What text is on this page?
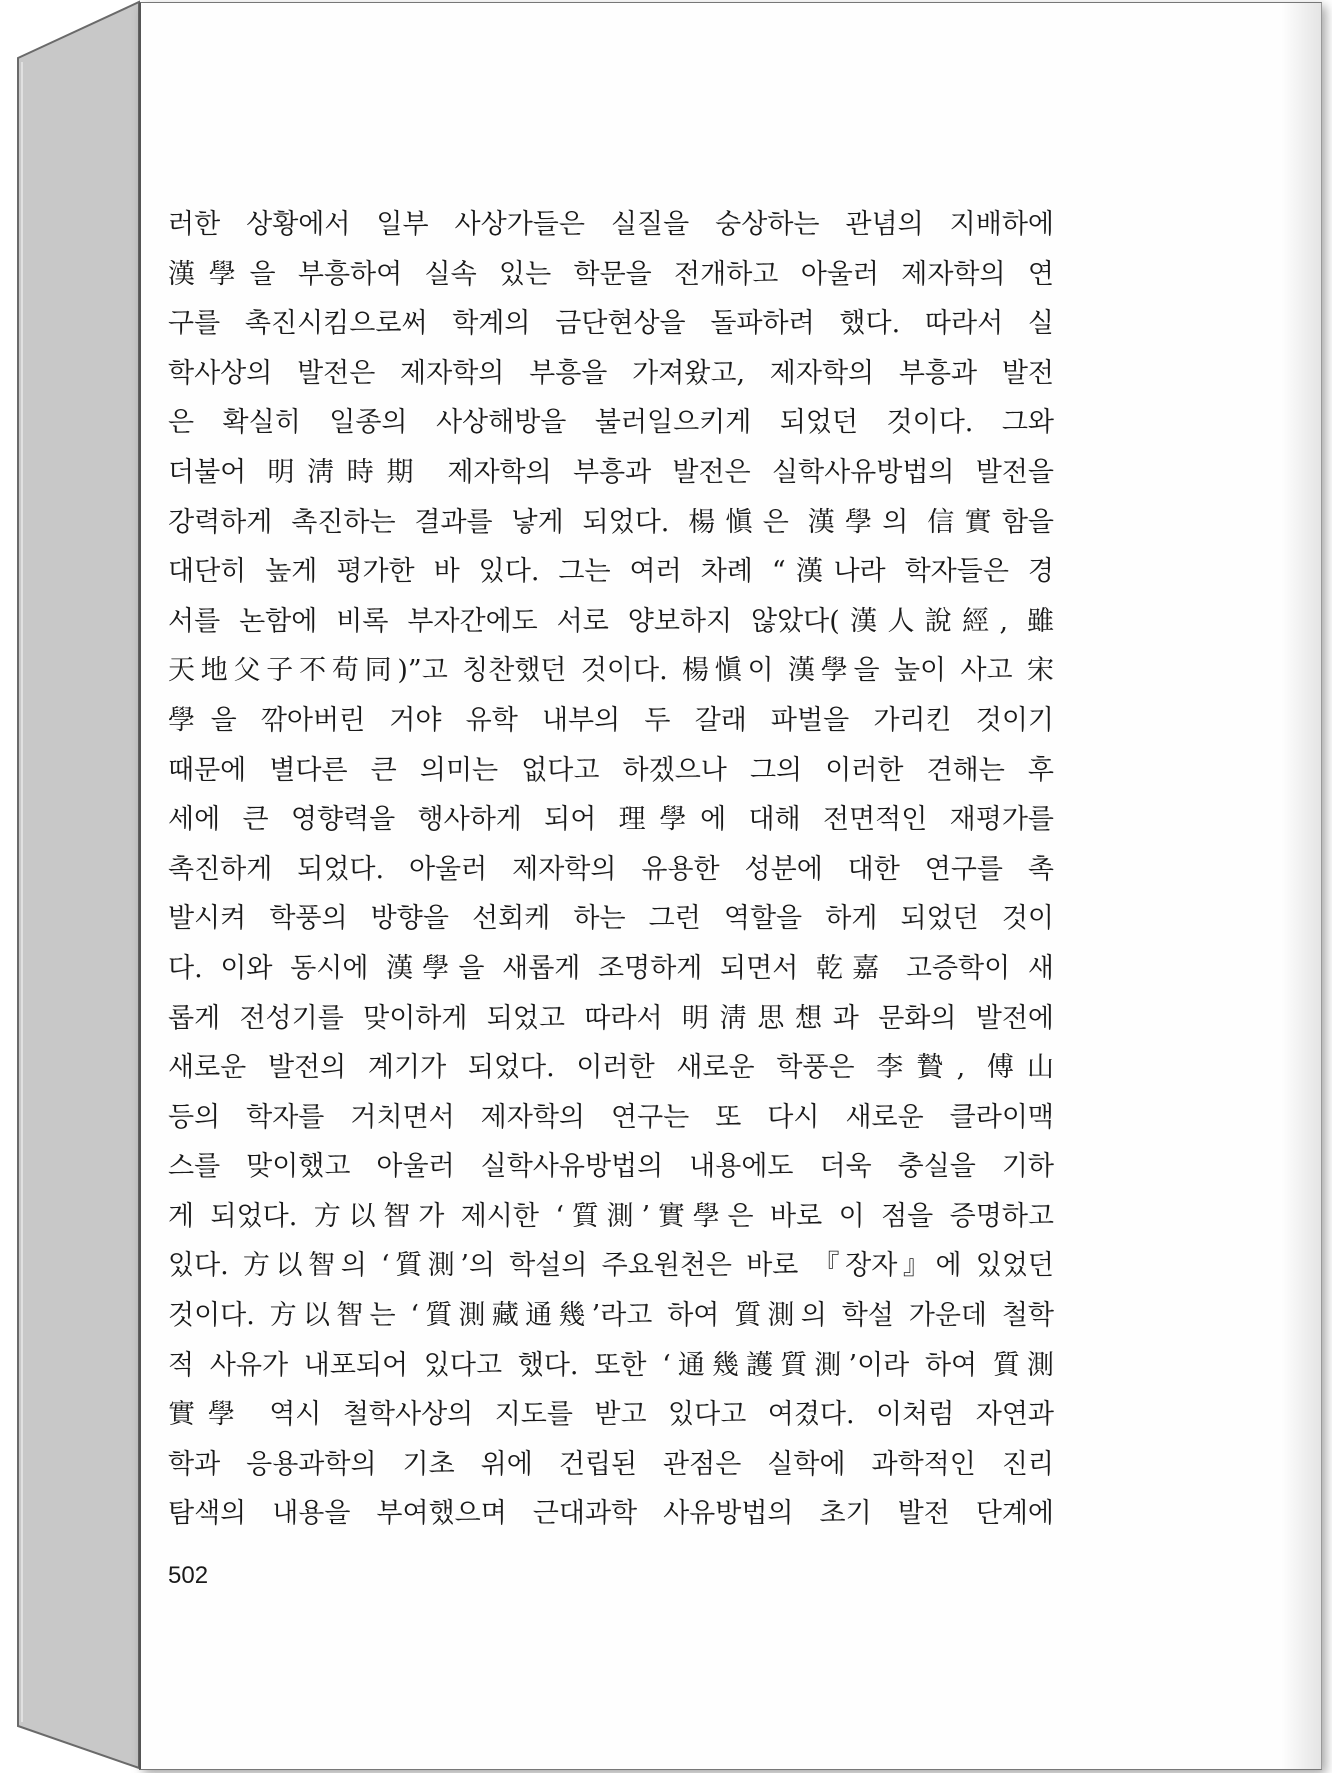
러한 상황에서 일부 사상가들은 실질을 숭상하는 관념의 지배하에
漢學을 부흥하여 실속 있는 학문을 전개하고 아울러 제자학의 연
구를 촉진시킴으로써 학계의 금단현상을 돌파하려 했다. 따라서 실
학사상의 발전은 제자학의 부흥을 가져왔고, 제자학의 부흥과 발전
은 확실히 일종의 사상해방을 불러일으키게 되었던 것이다. 그와
더불어 明淸時期 제자학의 부흥과 발전은 실학사유방법의 발전을
강력하게 촉진하는 결과를 낳게 되었다. 楊愼은 漢學의 信實함을
대단히 높게 평가한 바 있다. 그는 여러 차례 “漢나라 학자들은 경
서를 논함에 비록 부자간에도 서로 양보하지 않았다(漢人說經, 雖
天地父子不苟同)”고 칭찬했던 것이다. 楊愼이 漢學을 높이 사고 宋
學을 깎아버린 거야 유학 내부의 두 갈래 파벌을 가리킨 것이기
때문에 별다른 큰 의미는 없다고 하겠으나 그의 이러한 견해는 후
세에 큰 영향력을 행사하게 되어 理學에 대해 전면적인 재평가를
촉진하게 되었다. 아울러 제자학의 유용한 성분에 대한 연구를 촉
발시켜 학풍의 방향을 선회케 하는 그런 역할을 하게 되었던 것이
다. 이와 동시에 漢學을 새롭게 조명하게 되면서 乾嘉 고증학이 새
롭게 전성기를 맞이하게 되었고 따라서 明淸思想과 문화의 발전에
새로운 발전의 계기가 되었다. 이러한 새로운 학풍은 李贄, 傅山
등의 학자를 거치면서 제자학의 연구는 또 다시 새로운 클라이맥
스를 맞이했고 아울러 실학사유방법의 내용에도 더욱 충실을 기하
게 되었다. 方以智가 제시한 ‘質測’實學은 바로 이 점을 증명하고
있다. 方以智의 ‘質測’의 학설의 주요원천은 바로 『장자』에 있었던
것이다. 方以智는 ‘質測藏通幾’라고 하여 質測의 학설 가운데 철학
적 사유가 내포되어 있다고 했다. 또한 ‘通幾護質測’이라 하여 質測
實學 역시 철학사상의 지도를 받고 있다고 여겼다. 이처럼 자연과
학과 응용과학의 기초 위에 건립된 관점은 실학에 과학적인 진리
탐색의 내용을 부여했으며 근대과학 사유방법의 초기 발전 단계에
502
